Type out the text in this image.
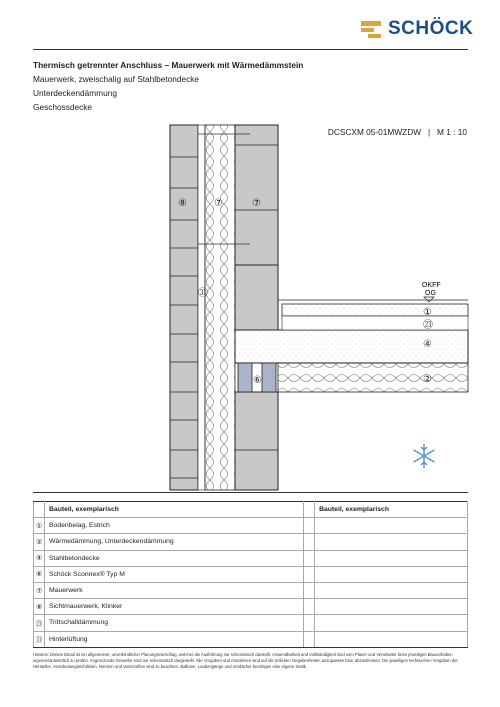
SCHÖCK
Thermisch getrennter Anschluss – Mauerwerk mit Wärmedämmstein
Mauerwerk, zweischalig auf Stahlbetondecke
Unterdeckendämmung
Geschossdecke
DCSCXM 05-01MWZDW   |   M 1 : 10
OKFF
OG
⑧	⑦	⑦
⑥
①
㉓
④
②
㉛
	Bauteil, exemplarisch		Bauteil, exemplarisch
①	Bodenbelag, Estrich		
②	Wärmedämmung, Unterdeckendämmung		
④	Stahlbetondecke		
⑥	Schöck Sconnex® Typ M		
⑦	Mauerwerk		
⑧	Sichtmauerwerk, Klinker		
㉓	Trittschalldämmung		
㉛	Hinterlüftung		
Hinweis: Dieses Detail ist ein allgemeiner, unverbindlicher Planungsvorschlag, welcher die Ausführung nur schematisch darstellt. Anwendbarkeit und Vollständigkeit sind vom Planer und Verarbeiter beim jeweiligen Bauvorhaben eigenverantwortlich zu prüfen. Angrenzende Gewerke sind nur schematisch dargestellt. Alle Vorgaben und Annahmen sind auf die örtlichen Gegebenheiten anzupassen bzw. abzustimmen. Die jeweiligen technischen Vorgaben der Hersteller, Verarbeitungsrichtlinien, Normen und Vorschriften sind zu beachten. Balkone, Laubengänge und Vordächer benötigen eine eigene Statik.
